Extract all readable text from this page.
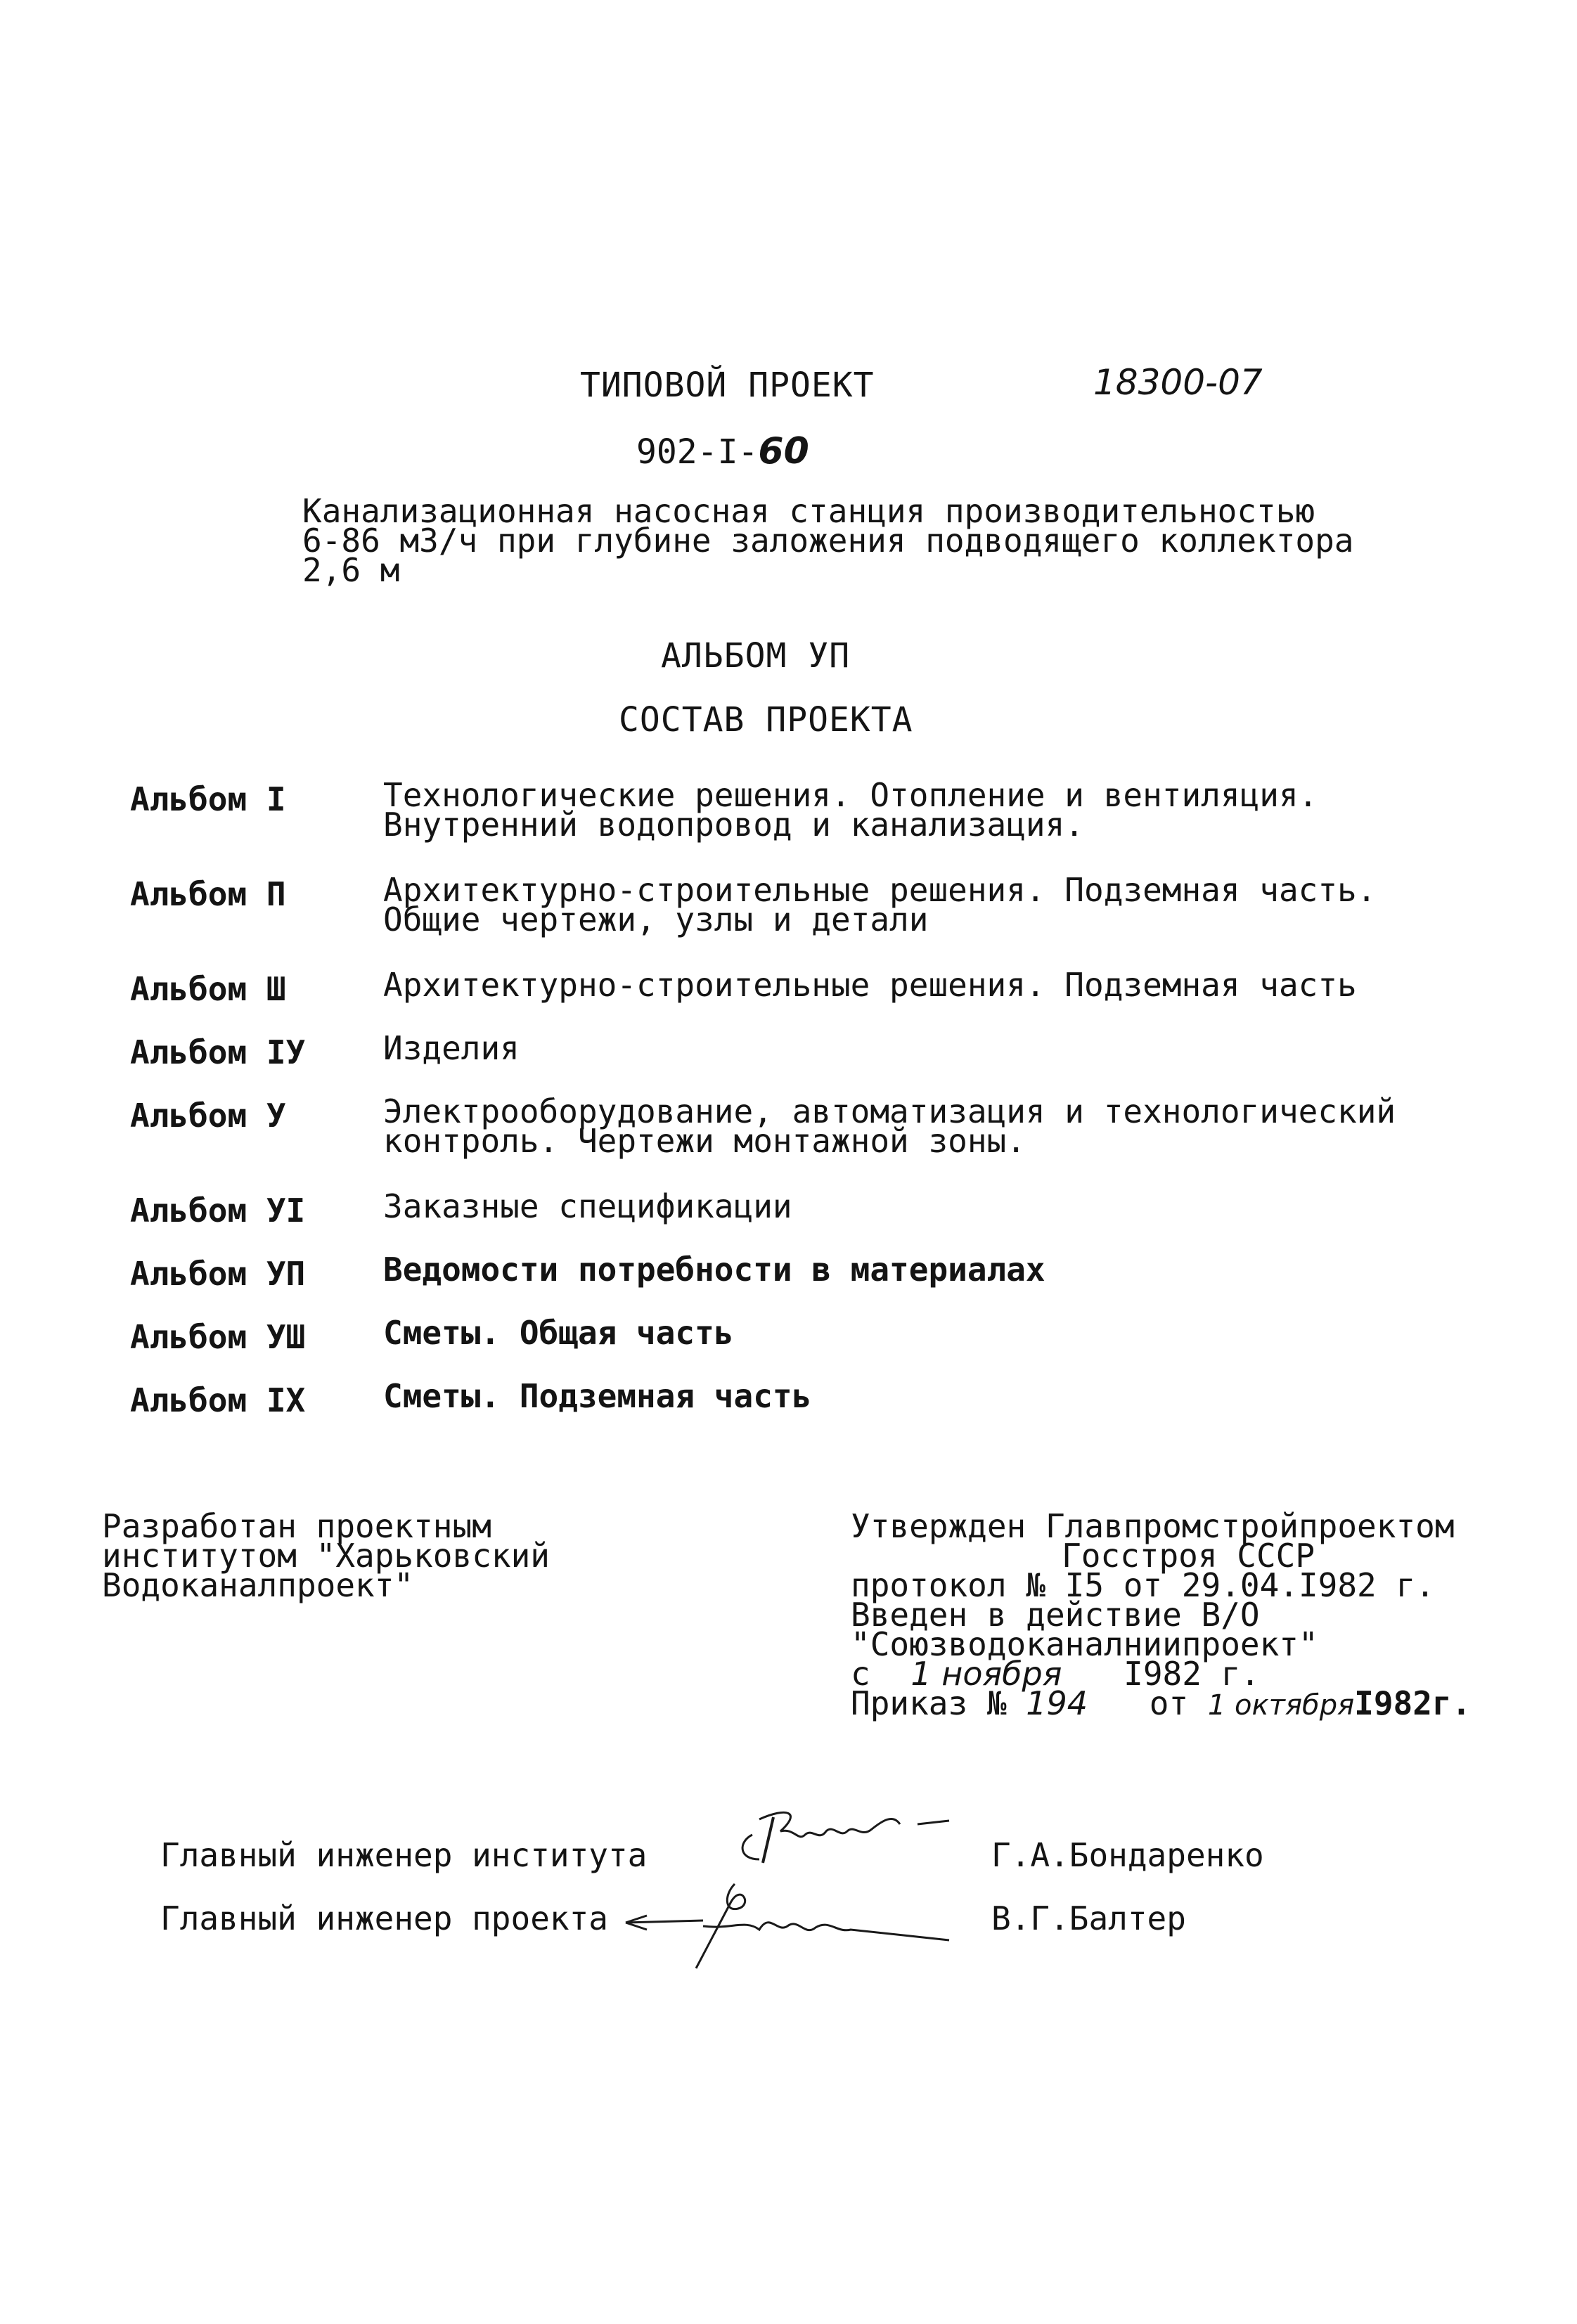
ТИПОВОЙ ПРОЕКТ	18300-07
902-I-60
Канализационная насосная станция производительностью
6-86 м3/ч при глубине заложения подводящего коллектора
2,6 м
АЛЬБОМ УП
СОСТАВ ПРОЕКТА
Альбом I	Технологические решения. Отопление и вентиляция.
Внутренний водопровод и канализация.
Альбом П	Архитектурно-строительные решения. Подземная часть.
Общие чертежи, узлы и детали
Альбом Ш	Архитектурно-строительные решения. Подземная часть
Альбом IУ Изделия
Альбом У	Электрооборудование, автоматизация и технологический
контроль. Чертежи монтажной зоны.
Альбом УI Заказные спецификации
Альбом УП Ведомости потребности в материалах
Альбом УШ Сметы. Общая часть
Альбом IX Сметы. Подземная часть
Разработан проектным
институтом "Харьковский
Водоканалпроект"
Утвержден Главпромстройпроектом
Госстроя СССР
протокол № I5 от 29.04.I982 г.
Введен в действие В/О
"Союзводоканалниипроект"
с 1 ноября I982 г.
Приказ № 194 от 1 октябряI982г.
Главный инженер института	Г.А.Бондаренко
Главный инженер проекта	В.Г.Балтер
